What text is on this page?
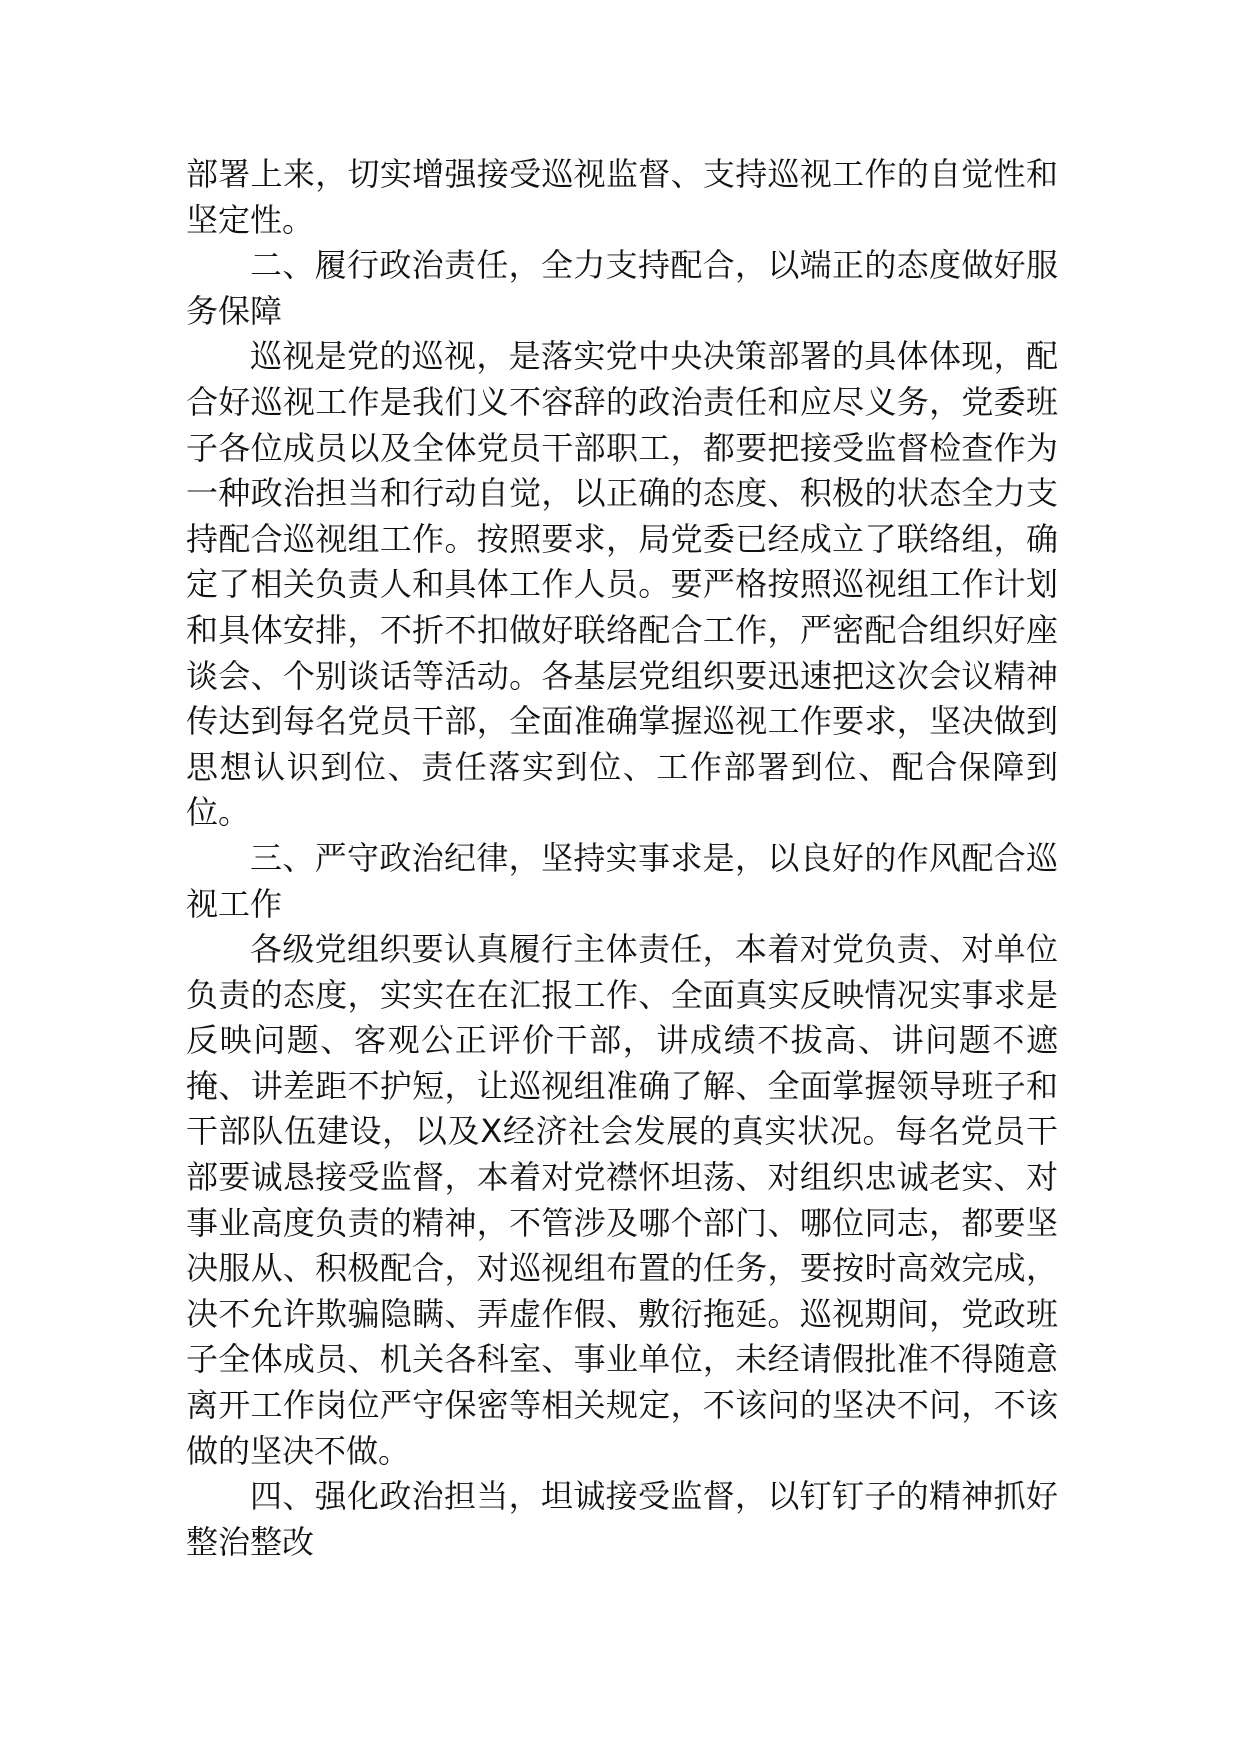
部署上来，切实增强接受巡视监督、支持巡视工作的自觉性和坚定性。

二、履行政治责任，全力支持配合，以端正的态度做好服务保障

巡视是党的巡视，是落实党中央决策部署的具体体现，配合好巡视工作是我们义不容辞的政治责任和应尽义务，党委班子各位成员以及全体党员干部职工，都要把接受监督检查作为一种政治担当和行动自觉，以正确的态度、积极的状态全力支持配合巡视组工作。按照要求，局党委已经成立了联络组，确定了相关负责人和具体工作人员。要严格按照巡视组工作计划和具体安排，不折不扣做好联络配合工作，严密配合组织好座谈会、个别谈话等活动。各基层党组织要迅速把这次会议精神传达到每名党员干部，全面准确掌握巡视工作要求，坚决做到思想认识到位、责任落实到位、工作部署到位、配合保障到位。

三、严守政治纪律，坚持实事求是，以良好的作风配合巡视工作

各级党组织要认真履行主体责任，本着对党负责、对单位负责的态度，实实在在汇报工作、全面真实反映情况实事求是反映问题、客观公正评价干部，讲成绩不拔高、讲问题不遮掩、讲差距不护短，让巡视组准确了解、全面掌握领导班子和干部队伍建设，以及X经济社会发展的真实状况。每名党员干部要诚恳接受监督，本着对党襟怀坦荡、对组织忠诚老实、对事业高度负责的精神，不管涉及哪个部门、哪位同志，都要坚决服从、积极配合，对巡视组布置的任务，要按时高效完成，决不允许欺骗隐瞒、弄虚作假、敷衍拖延。巡视期间，党政班子全体成员、机关各科室、事业单位，未经请假批准不得随意离开工作岗位严守保密等相关规定，不该问的坚决不问，不该做的坚决不做。

四、强化政治担当，坦诚接受监督，以钉钉子的精神抓好整治整改
